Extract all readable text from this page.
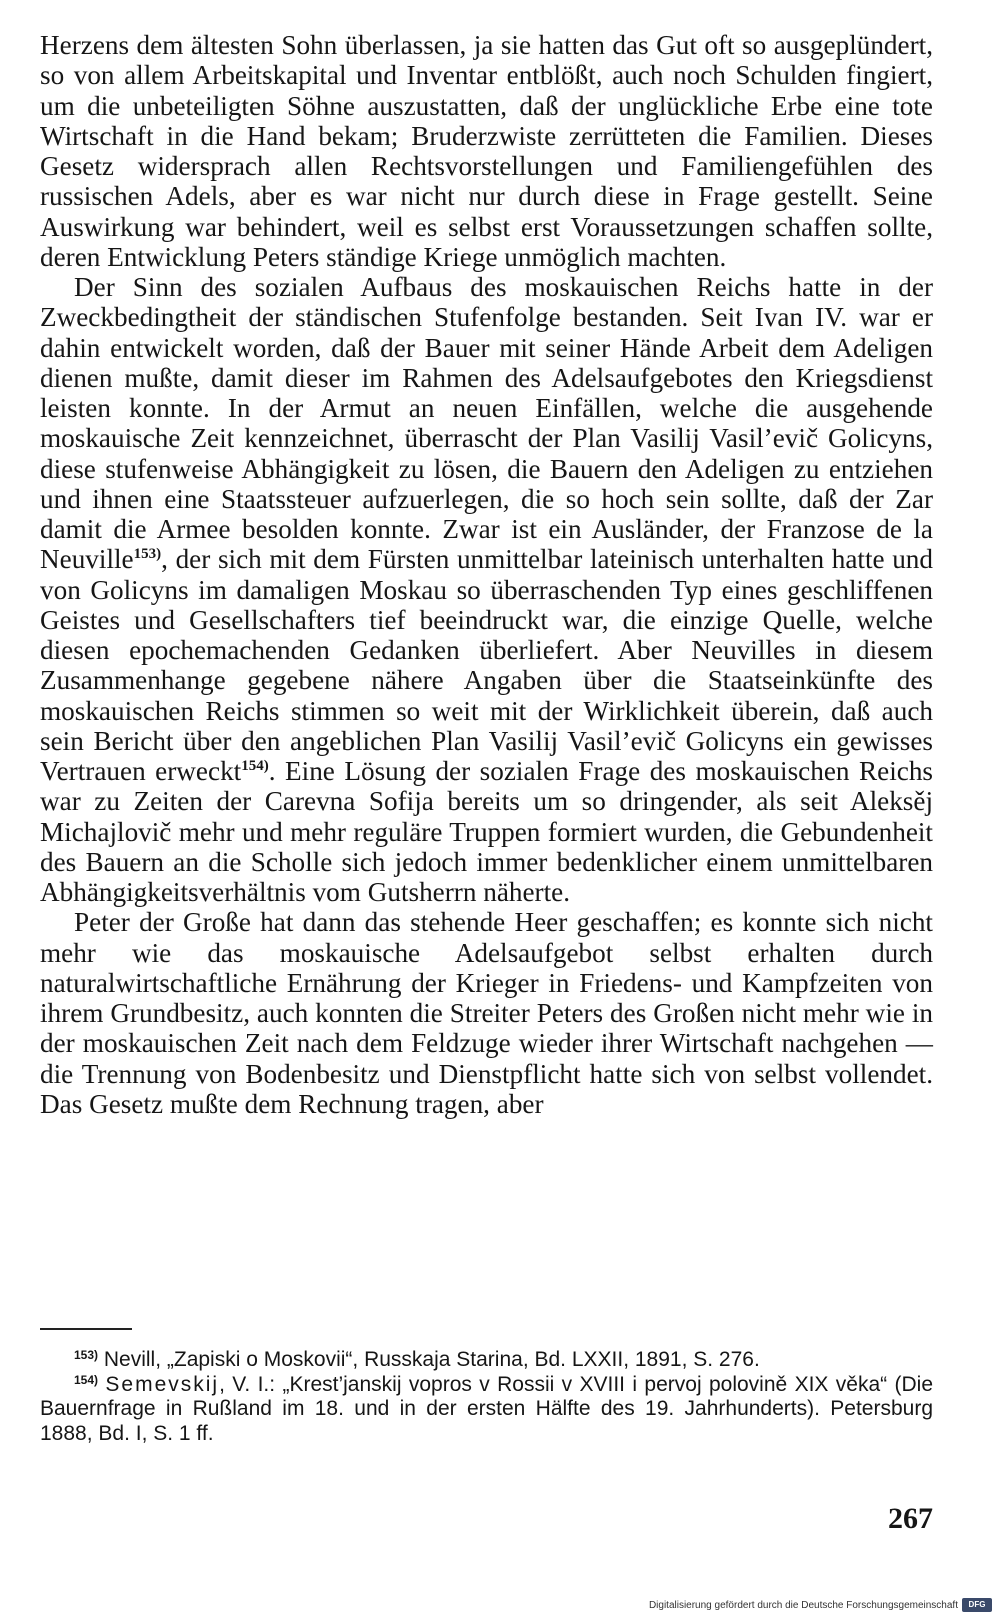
Herzens dem ältesten Sohn überlassen, ja sie hatten das Gut oft so ausgeplündert, so von allem Arbeitskapital und Inventar entblößt, auch noch Schulden fingiert, um die unbeteiligten Söhne auszustatten, daß der unglückliche Erbe eine tote Wirtschaft in die Hand bekam; Bruderzwiste zerrütteten die Familien. Dieses Gesetz widersprach allen Rechtsvorstellungen und Familiengefühlen des russischen Adels, aber es war nicht nur durch diese in Frage gestellt. Seine Auswirkung war behindert, weil es selbst erst Voraussetzungen schaffen sollte, deren Entwicklung Peters ständige Kriege unmöglich machten.

Der Sinn des sozialen Aufbaus des moskauischen Reichs hatte in der Zweckbedingtheit der ständischen Stufenfolge bestanden. Seit Ivan IV. war er dahin entwickelt worden, daß der Bauer mit seiner Hände Arbeit dem Adeligen dienen mußte, damit dieser im Rahmen des Adelsaufgebotes den Kriegsdienst leisten konnte. In der Armut an neuen Einfällen, welche die ausgehende moskauische Zeit kennzeichnet, überrascht der Plan Vasilij Vasil’evič Golicyns, diese stufenweise Abhängigkeit zu lösen, die Bauern den Adeligen zu entziehen und ihnen eine Staatssteuer aufzuerlegen, die so hoch sein sollte, daß der Zar damit die Armee besolden konnte. Zwar ist ein Ausländer, der Franzose de la Neuville$^{153)}$, der sich mit dem Fürsten unmittelbar lateinisch unterhalten hatte und von Golicyns im damaligen Moskau so überraschenden Typ eines geschliffenen Geistes und Gesellschafters tief beeindruckt war, die einzige Quelle, welche diesen epochemachenden Gedanken überliefert. Aber Neuvilles in diesem Zusammenhange gegebene nähere Angaben über die Staatseinkünfte des moskauischen Reichs stimmen so weit mit der Wirklichkeit überein, daß auch sein Bericht über den angeblichen Plan Vasilij Vasil’evič Golicyns ein gewisses Vertrauen erweckt$^{154)}$. Eine Lösung der sozialen Frage des moskauischen Reichs war zu Zeiten der Carevna Sofija bereits um so dringender, als seit Aleksěj Michajlovič mehr und mehr reguläre Truppen formiert wurden, die Gebundenheit des Bauern an die Scholle sich jedoch immer bedenklicher einem unmittelbaren Abhängigkeitsverhältnis vom Gutsherrn näherte.

Peter der Große hat dann das stehende Heer geschaffen; es konnte sich nicht mehr wie das moskauische Adelsaufgebot selbst erhalten durch naturalwirtschaftliche Ernährung der Krieger in Friedens- und Kampfzeiten von ihrem Grundbesitz, auch konnten die Streiter Peters des Großen nicht mehr wie in der moskauischen Zeit nach dem Feldzuge wieder ihrer Wirtschaft nachgehen — die Trennung von Bodenbesitz und Dienstpflicht hatte sich von selbst vollendet. Das Gesetz mußte dem Rechnung tragen, aber

$^{153)}$ Nevill, „Zapiski o Moskovii“, Russkaja Starina, Bd. LXXII, 1891, S. 276.

$^{154)}$ Semevskij, V. I.: „Krest’janskij vopros v Rossii v XVIII i pervoj polovině XIX věka“ (Die Bauernfrage in Rußland im 18. und in der ersten Hälfte des 19. Jahrhunderts). Petersburg 1888, Bd. I, S. 1 ff.

267
Digitalisierung gefördert durch die Deutsche Forschungsgemeinschaft	DFG
